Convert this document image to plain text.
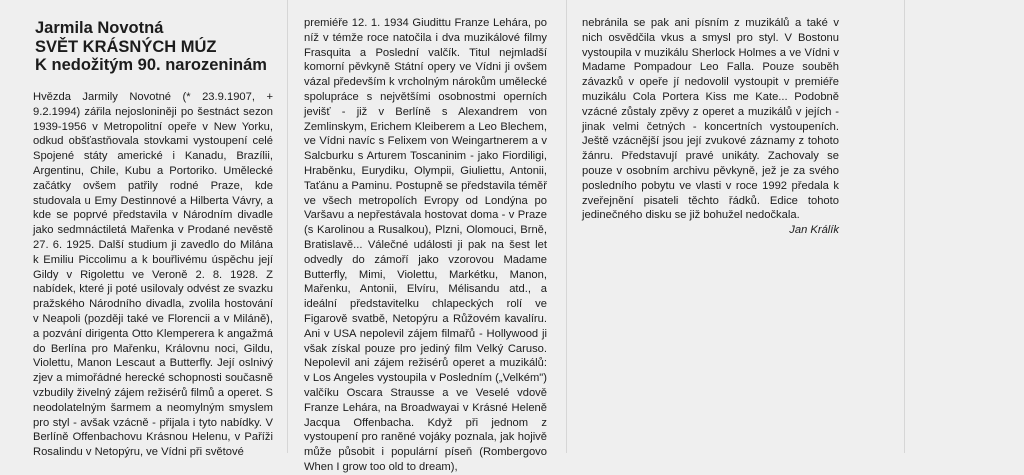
Jarmila Novotná
SVĚT KRÁSNÝCH MÚZ
K nedožitým 90. narozeninám

Hvězda Jarmily Novotné (* 23.9.1907, + 9.2.1994) zářila nejosloniněji po šestnáct sezon 1939-1956 v Metropolitní opeře v New Yorku, odkud obšťastňovala stovkami vystoupení celé Spojené státy americké i Kanadu, Brazílii, Argentinu, Chile, Kubu a Portoriko. Umělecké začátky ovšem patřily rodné Praze, kde studovala u Emy Destinnové a Hilberta Vávry, a kde se poprvé představila v Národním divadle jako sedmnáctiletá Mařenka v Prodané nevěstě 27. 6. 1925. Další studium ji zavedlo do Milána k Emiliu Piccolimu a k bouřlivému úspěchu její Gildy v Rigolettu ve Veroně 2. 8. 1928. Z nabídek, které ji poté usilovaly odvést ze svazku pražského Národního divadla, zvolila hostování v Neapoli (později také ve Florencii a v Miláně), a pozvání dirigenta Otto Klemperera k angažmá do Berlína pro Mařenku, Královnu noci, Gildu, Violettu, Manon Lescaut a Butterfly. Její oslnivý zjev a mimořádné herecké schopnosti současně vzbudily živelný zájem režisérů filmů a operet. S neodolatelným šarmem a neomylným smyslem pro styl - avšak vzácně - přijala i tyto nabídky. V Berlíně Offenbachovu Krásnou Helenu, v Paříži Rosalindu v Netopýru, ve Vídni při světové

premiéře 12. 1. 1934 Giudittu Franze Lehára, po níž v témže roce natočila i dva muzikálové filmy Frasquita a Poslední valčík. Titul nejmladší komorní pěvkyně Státní opery ve Vídni ji ovšem vázal především k vrcholným nárokům umělecké spolupráce s největšími osobnostmi operních jevišť - již v Berlíně s Alexandrem von Zemlinskym, Erichem Kleiberem a Leo Blechem, ve Vídni navíc s Felixem von Weingartnerem a v Salcburku s Arturem Toscaninim - jako Fiordiligi, Hraběnku, Eurydiku, Olympii, Giuliettu, Antonii, Taťánu a Paminu. Postupně se představila téměř ve všech metropolích Evropy od Londýna po Varšavu a nepřestávala hostovat doma - v Praze (s Karolinou a Rusalkou), Plzni, Olomouci, Brně, Bratislavě... Válečné události ji pak na šest let odvedly do zámoří jako vzorovou Madame Butterfly, Mimi, Violettu, Markétku, Manon, Mařenku, Antonii, Elvíru, Mélisandu atd., a ideální představitelku chlapeckých rolí ve Figarově svatbě, Netopýru a Růžovém kavalíru. Ani v USA nepolevil zájem filmařů - Hollywood ji však získal pouze pro jediný film Velký Caruso. Nepolevil ani zájem režisérů operet a muzikálů: v Los Angeles vystoupila v Posledním („Velkém") valčíku Oscara Strausse a ve Veselé vdově Franze Lehára, na Broadwayai v Krásné Heleně Jacqua Offenbacha. Když při jednom z vystoupení pro raněné vojáky poznala, jak hojivě může působit i populární píseň (Rombergovo When I grow too old to dream),

nebránila se pak ani písním z muzikálů a také v nich osvědčila vkus a smysl pro styl. V Bostonu vystoupila v muzikálu Sherlock Holmes a ve Vídni v Madame Pompadour Leo Falla. Pouze souběh závazků v opeře jí nedovolil vystoupit v premiéře muzikálu Cola Portera Kiss me Kate... Podobně vzácné zůstaly zpěvy z operet a muzikálů v jejích - jinak velmi četných - koncertních vystoupeních. Ještě vzácnější jsou její zvukové záznamy z tohoto žánru. Představují pravé unikáty. Zachovaly se pouze v osobním archivu pěvkyně, jež je za svého posledního pobytu ve vlasti v roce 1992 předala k zveřejnění pisateli těchto řádků. Edice tohoto jedinečného disku se již bohužel nedočkala.

Jan Králík
